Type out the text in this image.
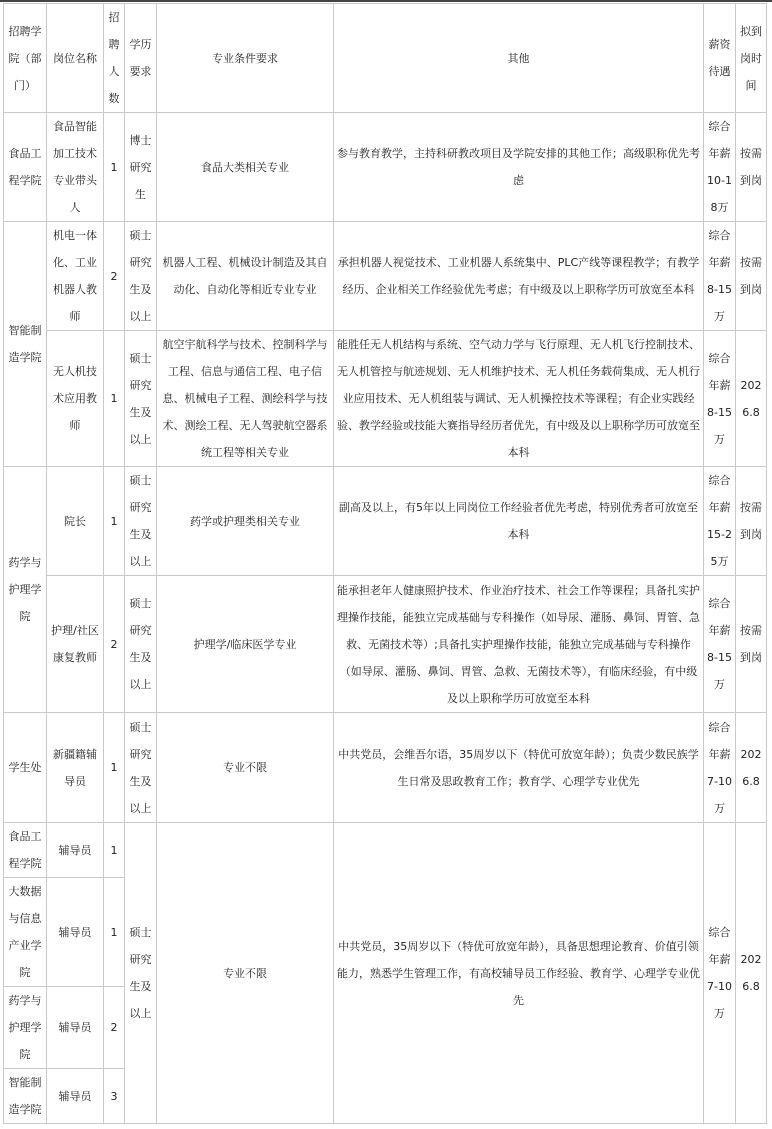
招聘学院（部门）	岗位名称	招聘人数	学历要求	专业条件要求	其他	薪资待遇	拟到岗时间
食品工程学院	食品智能加工技术专业带头人	1	博士研究生	食品大类相关专业	参与教育教学，主持科研教改项目及学院安排的其他工作；高级职称优先考虑	综合年薪10-18万	按需到岗
智能制造学院	机电一体化、工业机器人教师	2	硕士研究生及以上	机器人工程、机械设计制造及其自动化、自动化等相近专业专业	承担机器人视觉技术、工业机器人系统集中、PLC产线等课程教学；有教学经历、企业相关工作经验优先考虑；有中级及以上职称学历可放宽至本科	综合年薪8-15万	按需到岗
	无人机技术应用教师	1	硕士研究生及以上	航空宇航科学与技术、控制科学与工程、信息与通信工程、电子信息、机械电子工程、测绘科学与技术、测绘工程、无人驾驶航空器系统工程等相关专业	能胜任无人机结构与系统、空气动力学与飞行原理、无人机飞行控制技术、无人机管控与航迹规划、无人机维护技术、无人机任务载荷集成、无人机行业应用技术、无人机组装与调试、无人机操控技术等课程；有企业实践经验、教学经验或技能大赛指导经历者优先，有中级及以上职称学历可放宽至本科	综合年薪8-15万	2026.8
药学与护理学院	院长	1	硕士研究生及以上	药学或护理类相关专业	副高及以上，有5年以上同岗位工作经验者优先考虑，特别优秀者可放宽至本科	综合年薪15-25万	按需到岗
	护理/社区康复教师	2	硕士研究生及以上	护理学/临床医学专业	能承担老年人健康照护技术、作业治疗技术、社会工作等课程；具备扎实护理操作技能，能独立完成基础与专科操作（如导尿、灌肠、鼻饲、胃管、急救、无菌技术等）;具备扎实护理操作技能，能独立完成基础与专科操作（如导尿、灌肠、鼻饲、胃管、急救、无菌技术等），有临床经验，有中级及以上职称学历可放宽至本科	综合年薪8-15万	按需到岗
学生处	新疆籍辅导员	1	硕士研究生及以上	专业不限	中共党员，会维吾尔语，35周岁以下（特优可放宽年龄）；负责少数民族学生日常及思政教育工作；教育学、心理学专业优先	综合年薪7-10万	2026.8
食品工程学院	辅导员	1	硕士研究生及以上	专业不限	中共党员，35周岁以下（特优可放宽年龄），具备思想理论教育、价值引领能力，熟悉学生管理工作，有高校辅导员工作经验、教育学、心理学专业优先	综合年薪7-10万	2026.8
大数据与信息产业学院	辅导员	1					
药学与护理学院	辅导员	2					
智能制造学院	辅导员	3					
